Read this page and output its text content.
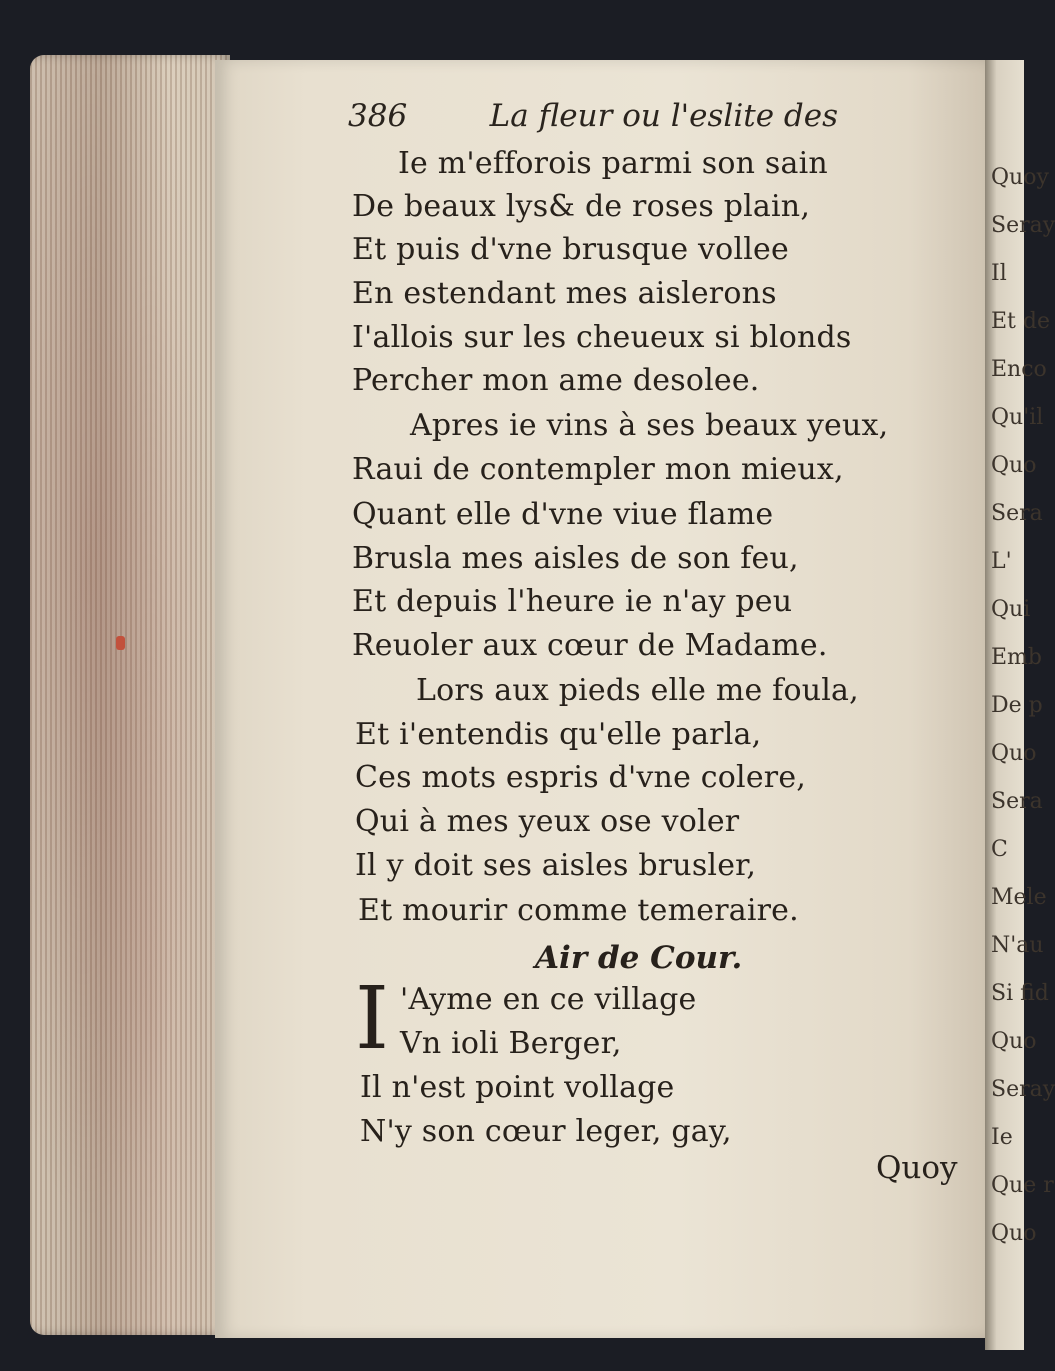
Quoy
Seray
Il
Et de
Enco
Qu'il
Quo
Sera
L'
Qui
Emb
De p
Quo
Sera
C
Mele
N'au
Si fid
Quo
Seray
Ie
Que r
Quo
386	La fleur ou l'eslite des
Ie m'efforois parmi son sain
De beaux lys& de roses plain,
Et puis d'vne brusque vollee
En estendant mes aislerons
I'allois sur les cheueux si blonds
Percher mon ame desolee.
Apres ie vins à ses beaux yeux,
Raui de contempler mon mieux,
Quant elle d'vne viue flame
Brusla mes aisles de son feu,
Et depuis l'heure ie n'ay peu
Reuoler aux cœur de Madame.
Lors aux pieds elle me foula,
Et i'entendis qu'elle parla,
Ces mots espris d'vne colere,
Qui à mes yeux ose voler
Il y doit ses aisles brusler,
Et mourir comme temeraire.
Air de Cour.
I 'Ayme en ce village
Vn ioli Berger,
Il n'est point vollage
N'y son cœur leger, gay,
Quoy
